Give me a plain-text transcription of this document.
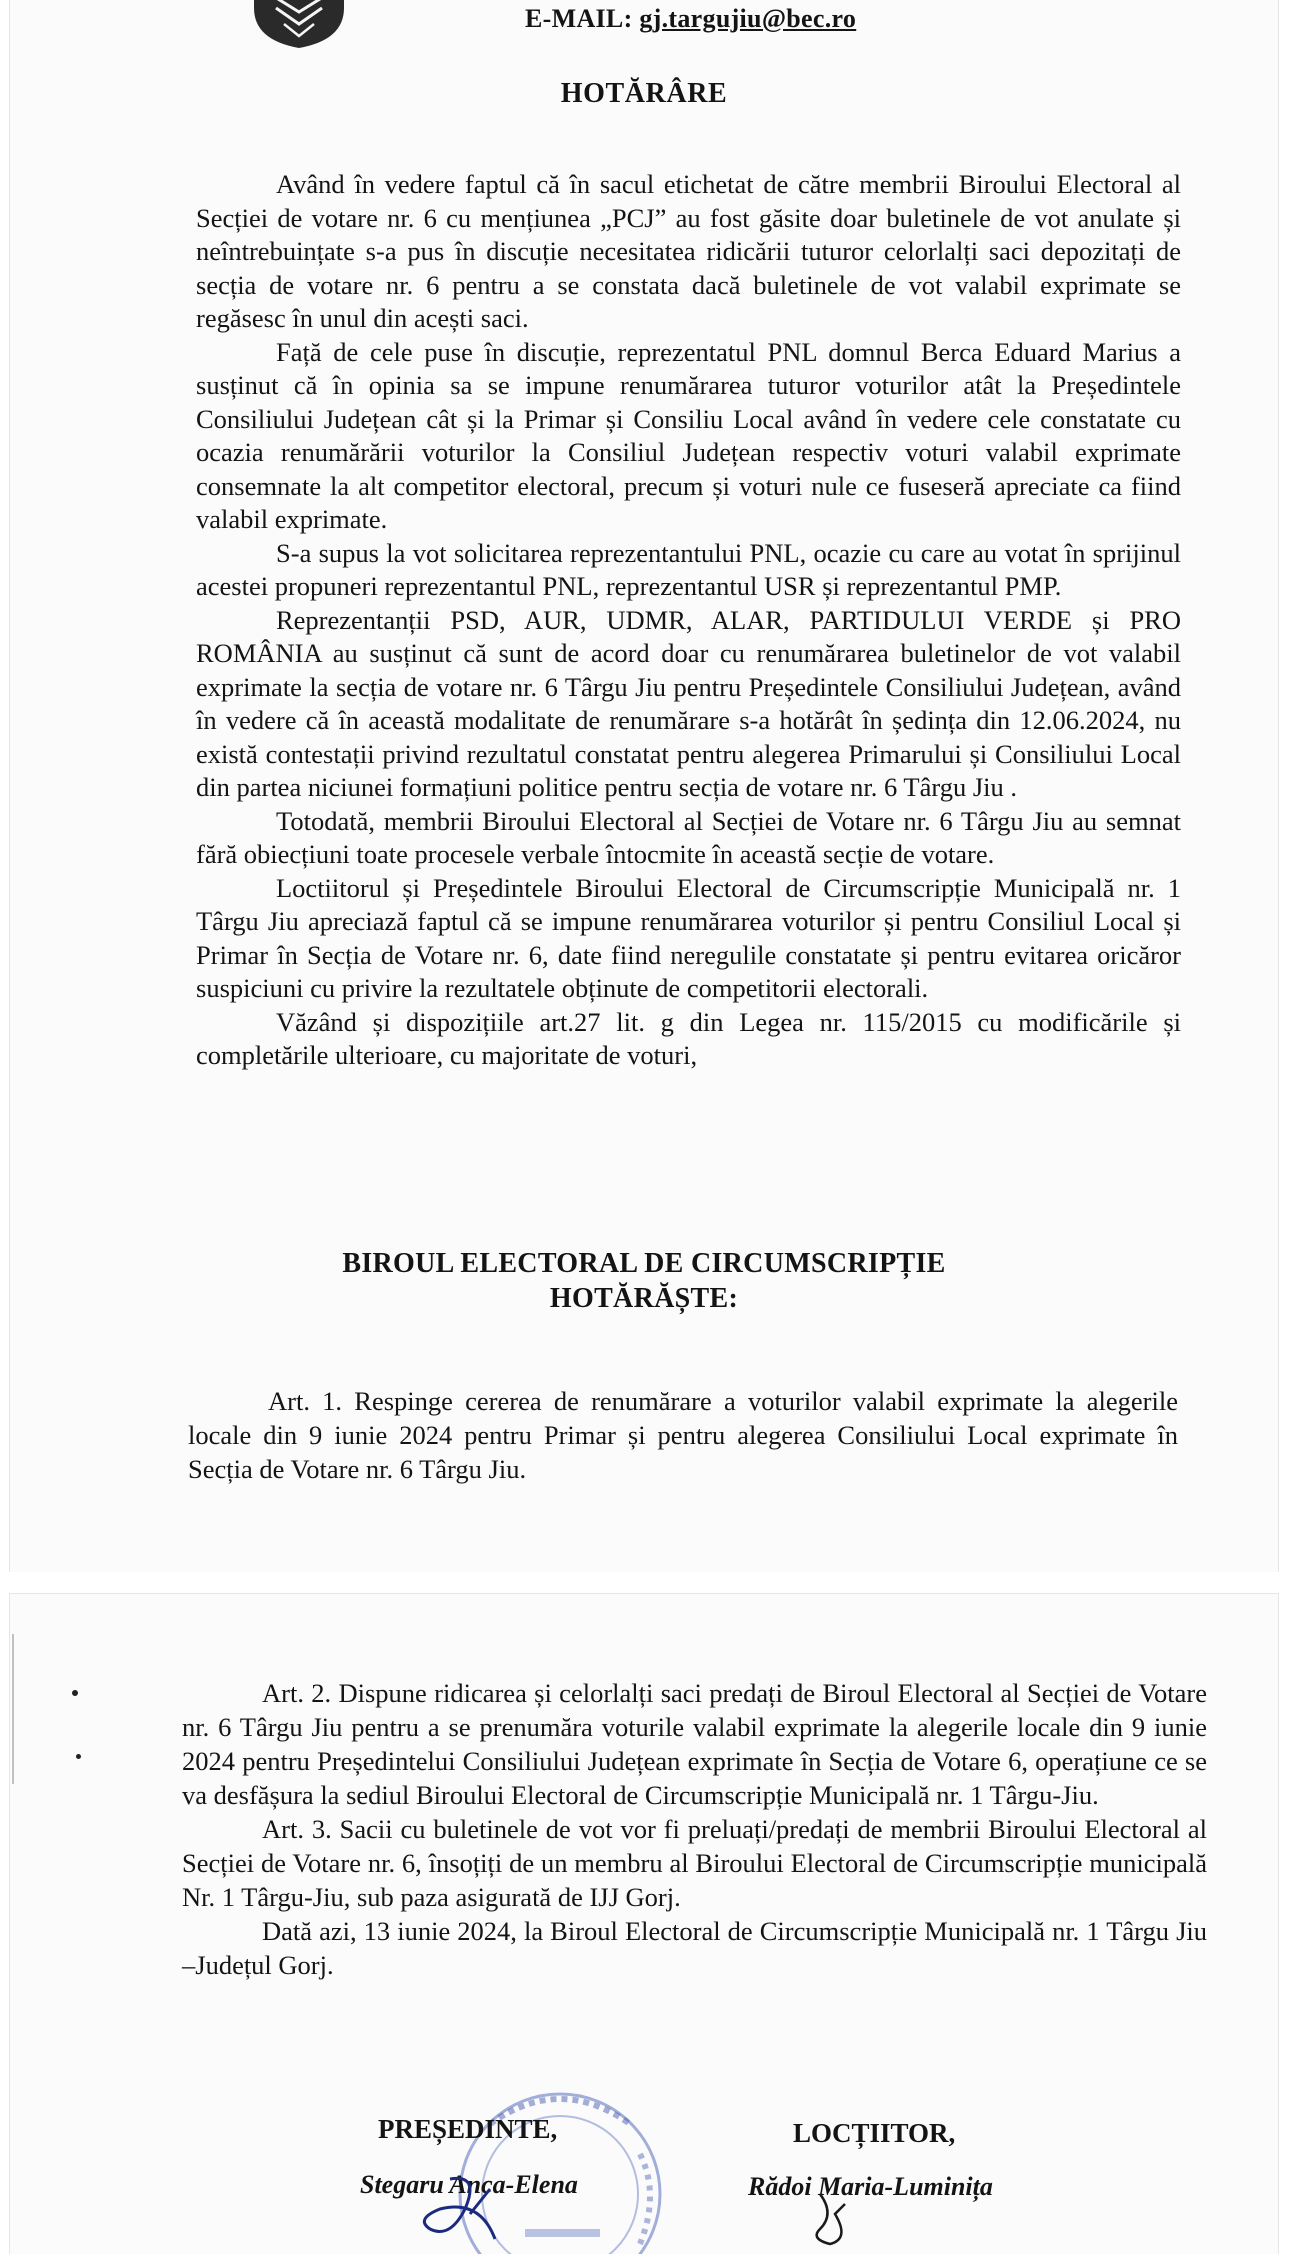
E-MAIL: gj.targujiu@bec.ro
HOTĂRÂRE

Având în vedere faptul că în sacul etichetat de către membrii Biroului Electoral al Secției de votare nr. 6 cu mențiunea „PCJ” au fost găsite doar buletinele de vot anulate și neîntrebuințate s-a pus în discuție necesitatea ridicării tuturor celorlalți saci depozitați de secția de votare nr. 6 pentru a se constata dacă buletinele de vot valabil exprimate se regăsesc în unul din acești saci.

Față de cele puse în discuție, reprezentatul PNL domnul Berca Eduard Marius a susținut că în opinia sa se impune renumărarea tuturor voturilor atât la Președintele Consiliului Județean cât și la Primar și Consiliu Local având în vedere cele constatate cu ocazia renumărării voturilor la Consiliul Județean respectiv voturi valabil exprimate consemnate la alt competitor electoral, precum și voturi nule ce fuseseră apreciate ca fiind valabil exprimate.

S-a supus la vot solicitarea reprezentantului PNL, ocazie cu care au votat în sprijinul acestei propuneri reprezentantul PNL, reprezentantul USR și reprezentantul PMP.

Reprezentanții PSD, AUR, UDMR, ALAR, PARTIDULUI VERDE și PRO ROMÂNIA au susținut că sunt de acord doar cu renumărarea buletinelor de vot valabil exprimate la secția de votare nr. 6 Târgu Jiu pentru Președintele Consiliului Județean, având în vedere că în această modalitate de renumărare s-a hotărât în ședința din 12.06.2024, nu există contestații privind rezultatul constatat pentru alegerea Primarului și Consiliului Local din partea niciunei formațiuni politice pentru secția de votare nr. 6 Târgu Jiu .

Totodată, membrii Biroului Electoral al Secției de Votare nr. 6 Târgu Jiu au semnat fără obiecțiuni toate procesele verbale întocmite în această secție de votare.

Loctiitorul și Președintele Biroului Electoral de Circumscripție Municipală nr. 1 Târgu Jiu apreciază faptul că se impune renumărarea voturilor și pentru Consiliul Local și Primar în Secția de Votare nr. 6, date fiind neregulile constatate și pentru evitarea oricăror suspiciuni cu privire la rezultatele obținute de competitorii electorali.

Văzând și dispozițiile art.27 lit. g din Legea nr. 115/2015 cu modificările și completările ulterioare, cu majoritate de voturi,

BIROUL ELECTORAL DE CIRCUMSCRIPȚIE
HOTĂRĂȘTE:

Art. 1. Respinge cererea de renumărare a voturilor valabil exprimate la alegerile locale din 9 iunie 2024 pentru Primar și pentru alegerea Consiliului Local exprimate în Secția de Votare nr. 6 Târgu Jiu.

Art. 2. Dispune ridicarea și celorlalți saci predați de Biroul Electoral al Secției de Votare nr. 6 Târgu Jiu pentru a se prenumăra voturile valabil exprimate la alegerile locale din 9 iunie 2024 pentru Președintelui Consiliului Județean exprimate în Secția de Votare 6, operațiune ce se va desfășura la sediul Biroului Electoral de Circumscripție Municipală nr. 1 Târgu-Jiu.

Art. 3. Sacii cu buletinele de vot vor fi preluați/predați de membrii Biroului Electoral al Secției de Votare nr. 6, însoțiți de un membru al Biroului Electoral de Circumscripție municipală Nr. 1 Târgu-Jiu, sub paza asigurată de IJJ Gorj.

Dată azi, 13 iunie 2024, la Biroul Electoral de Circumscripție Municipală nr. 1 Târgu Jiu –Județul Gorj.

PREȘEDINTE,
Stegaru Anca-Elena
LOCȚIITOR,
Rădoi Maria-Luminița
